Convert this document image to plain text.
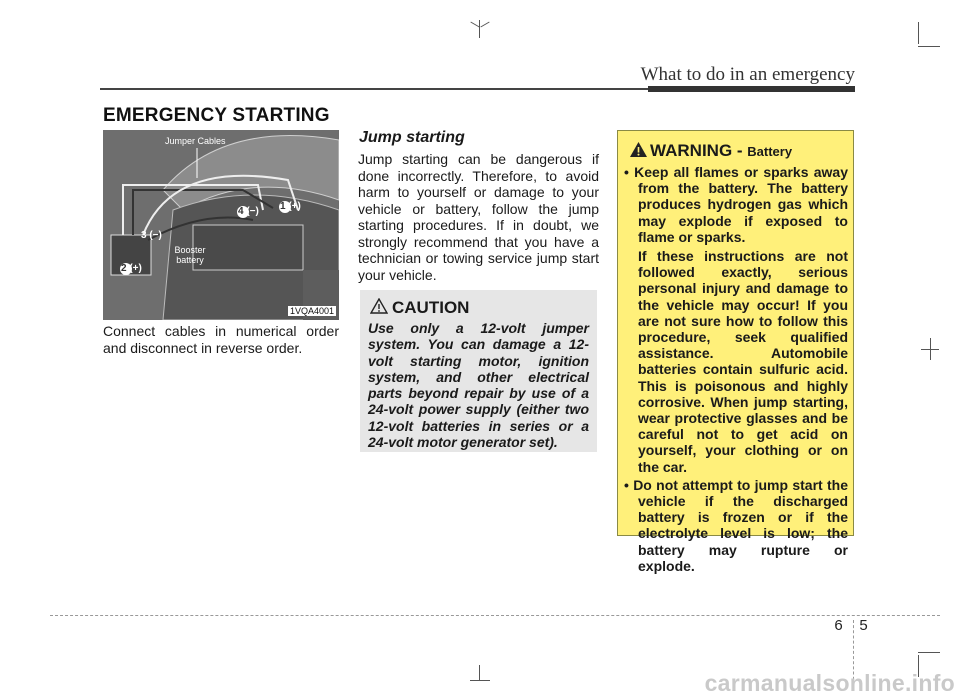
What to do in an emergency
EMERGENCY STARTING
Jumper Cables
Booster
battery
1 (+)
4 (−)
3 (−)
2 (+)
1VQA4001
Connect cables in numerical order and disconnect in reverse order.
Jump starting
Jump starting can be dangerous if done incorrectly. Therefore, to avoid harm to yourself or damage to your vehicle or battery, follow the jump starting procedures. If in doubt, we strongly recommend that you have a technician or towing service jump start your vehicle.
CAUTION
Use only a 12-volt jumper system. You can damage a 12-volt starting motor, ignition system, and other electrical parts beyond repair by use of a 24-volt power supply (either two 12-volt batteries in series or a 24-volt motor generator set).
WARNING - Battery
• Keep all flames or sparks away from the battery. The battery produces hydrogen gas which may explode if exposed to flame or sparks.
If these instructions are not followed exactly, serious personal injury and damage to the vehicle may occur! If you are not sure how to follow this procedure, seek qualified assistance. Automobile batteries contain sulfuric acid. This is poisonous and highly corrosive. When jump starting, wear protective glasses and be careful not to get acid on yourself, your clothing or on the car.
• Do not attempt to jump start the vehicle if the discharged battery is frozen or if the electrolyte level is low; the battery may rupture or explode.
6 5
carmanualsonline.info
